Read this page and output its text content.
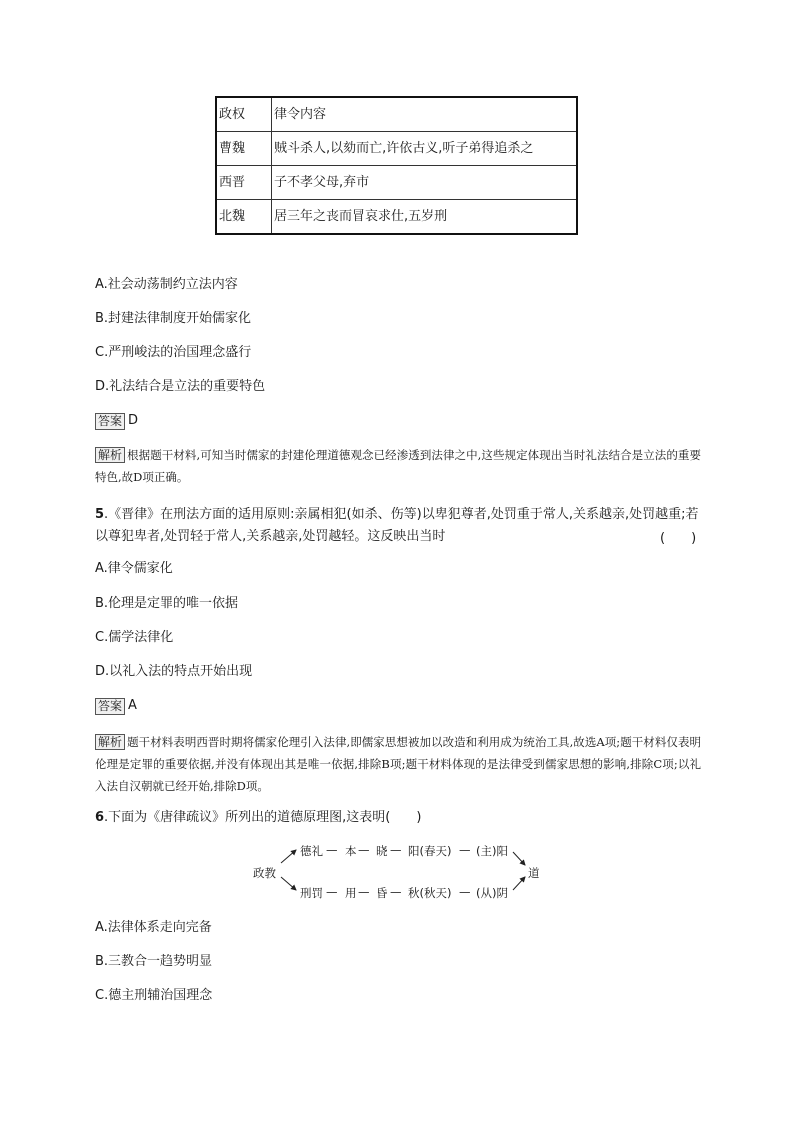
政权	律令内容
曹魏	贼斗杀人,以劾而亡,许依古义,听子弟得追杀之
西晋	子不孝父母,弃市
北魏	居三年之丧而冒哀求仕,五岁刑
A.社会动荡制约立法内容
B.封建法律制度开始儒家化
C.严刑峻法的治国理念盛行
D.礼法结合是立法的重要特色
答案 D
解析 根据题干材料,可知当时儒家的封建伦理道德观念已经渗透到法律之中,这些规定体现出当时礼法结合是立法的重要特色,故D项正确。
5.《晋律》在刑法方面的适用原则:亲属相犯(如杀、伤等)以卑犯尊者,处罚重于常人,关系越亲,处罚越重;若以尊犯卑者,处罚轻于常人,关系越亲,处罚越轻。这反映出当时	(　　)
A.律令儒家化
B.伦理是定罪的唯一依据
C.儒学法律化
D.以礼入法的特点开始出现
答案 A
解析 题干材料表明西晋时期将儒家伦理引入法律,即儒家思想被加以改造和利用成为统治工具,故选A项;题干材料仅表明伦理是定罪的重要依据,并没有体现出其是唯一依据,排除B项;题干材料体现的是法律受到儒家思想的影响,排除C项;以礼入法自汉朝就已经开始,排除D项。
6.下面为《唐律疏议》所列出的道德原理图,这表明(　　)
政教	道
德礼 — 本 — 晓 — 阳(春天) — (主)阳
刑罚 — 用 — 昏 — 秋(秋天) — (从)阴
A.法律体系走向完备
B.三教合一趋势明显
C.德主刑辅治国理念
